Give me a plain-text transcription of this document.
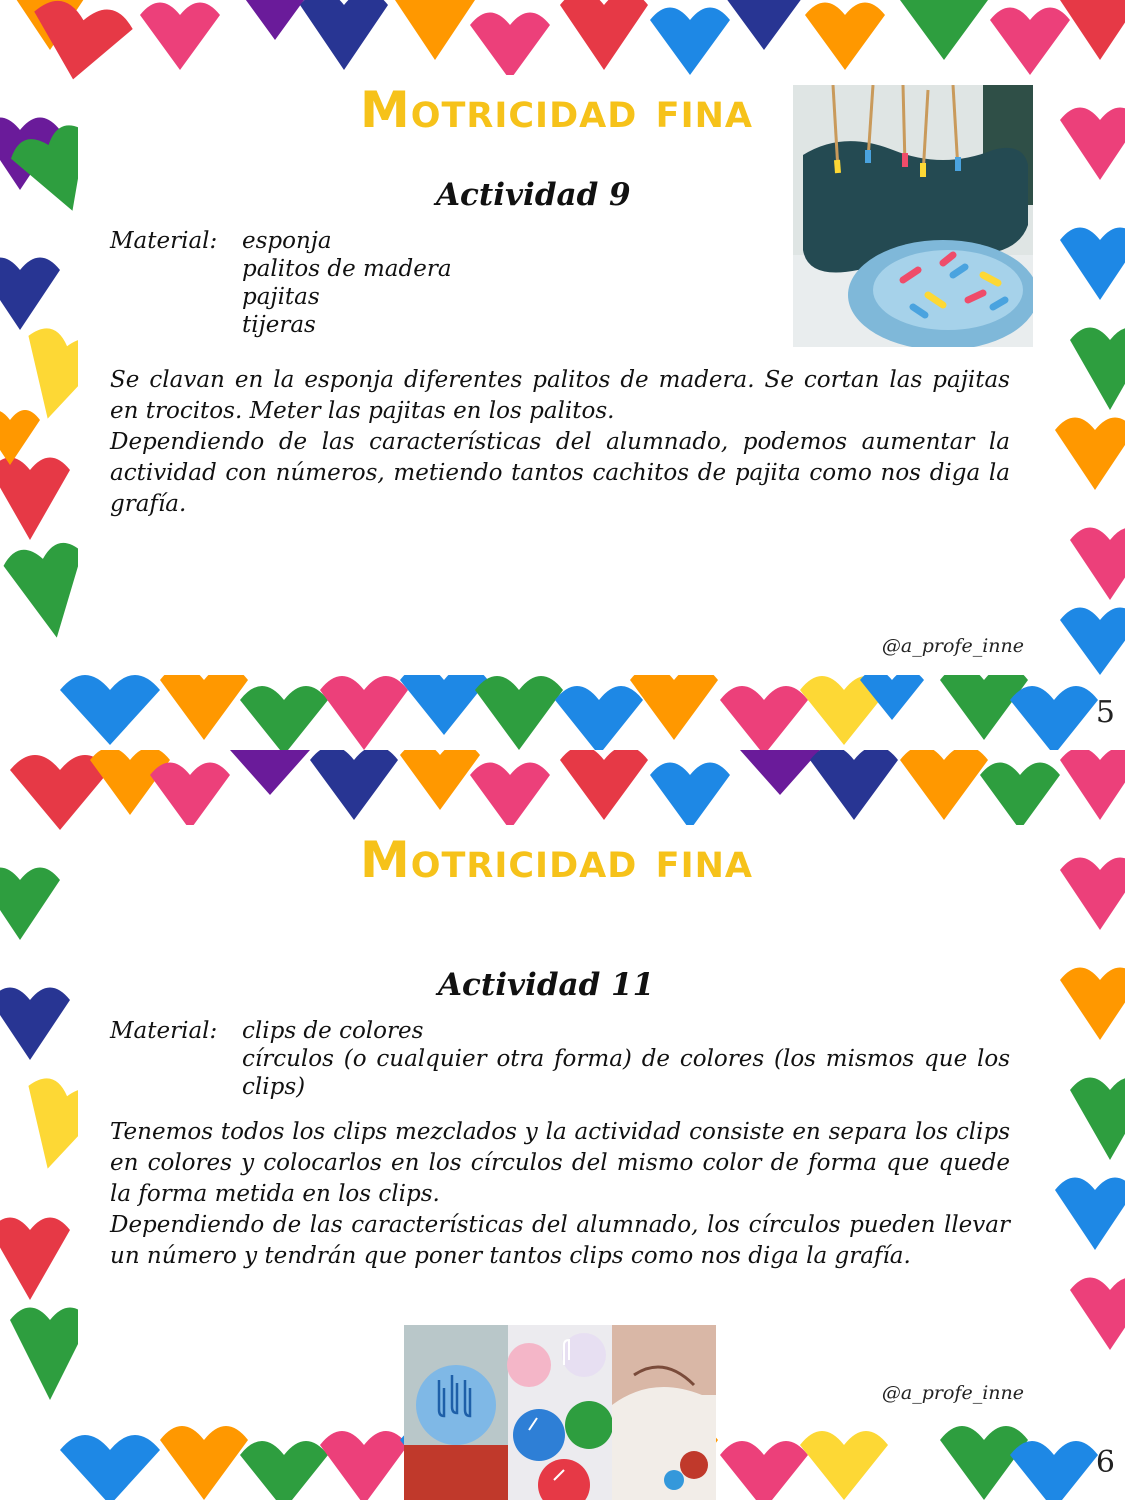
Motricidad fina
Actividad 9
Material: esponja
palitos de madera
pajitas
tijeras
Se clavan en la esponja diferentes palitos de madera. Se cortan las pajitas en trocitos. Meter las pajitas en los palitos.
Dependiendo de las características del alumnado, podemos aumentar la actividad con números, metiendo tantos cachitos de pajita como nos diga la grafía.
@a_profe_inne
5
Motricidad fina
Actividad 11
Material: clips de colores
círculos (o cualquier otra forma) de colores (los mismos que los clips)
Tenemos todos los clips mezclados y la actividad consiste en separa los clips en colores y colocarlos en los círculos del mismo color de forma que quede la forma metida en los clips.
Dependiendo de las características del alumnado, los círculos pueden llevar un número y tendrán que poner tantos clips como nos diga la grafía.
@a_profe_inne
6
